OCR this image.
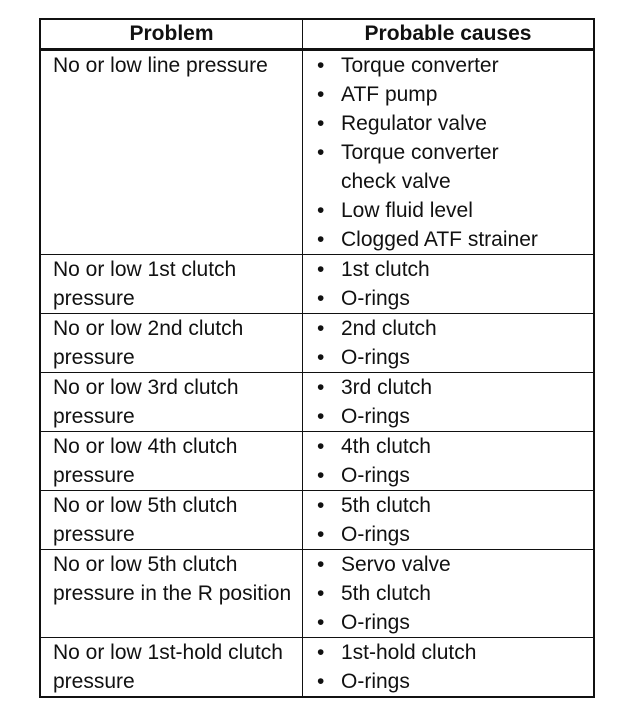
Problem	Probable causes
No or low line pressure	• Torque converter
• ATF pump
• Regulator valve
• Torque converter check valve
• Low fluid level
• Clogged ATF strainer
No or low 1st clutch pressure
• 1st clutch
• O-rings
No or low 2nd clutch pressure
• 2nd clutch
• O-rings
No or low 3rd clutch pressure
• 3rd clutch
• O-rings
No or low 4th clutch pressure
• 4th clutch
• O-rings
No or low 5th clutch pressure
• 5th clutch
• O-rings
No or low 5th clutch pressure in the R position
• Servo valve
• 5th clutch
• O-rings
No or low 1st-hold clutch pressure
• 1st-hold clutch
• O-rings
